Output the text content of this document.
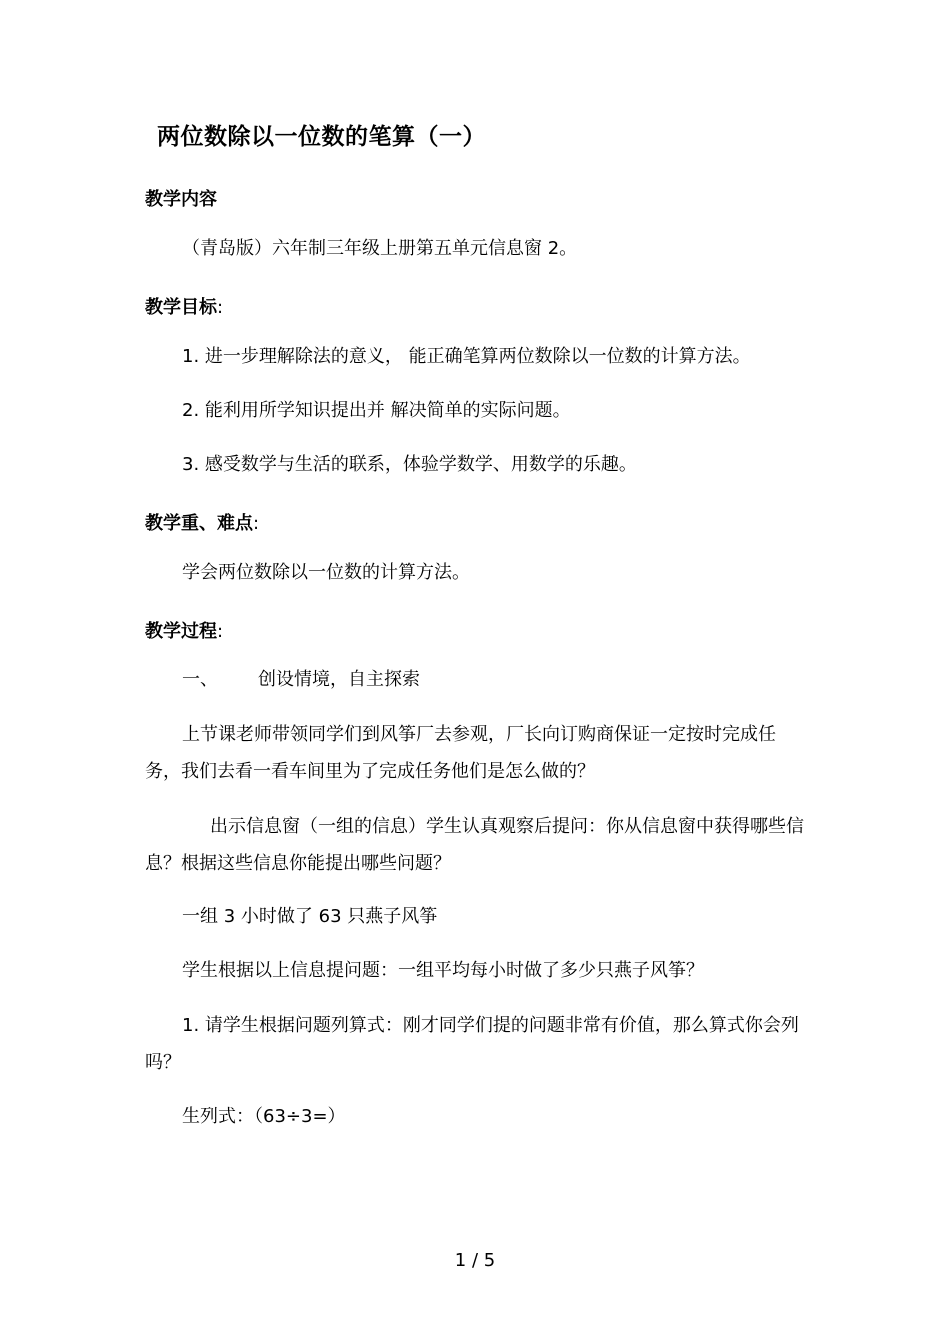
两位数除以一位数的笔算（一）
教学内容
（青岛版）六年制三年级上册第五单元信息窗 2。
教学目标:
1. 进一步理解除法的意义， 能正确笔算两位数除以一位数的计算方法。
2. 能利用所学知识提出并 解决简单的实际问题。
3. 感受数学与生活的联系，体验学数学、用数学的乐趣。
教学重、难点:
学会两位数除以一位数的计算方法。
教学过程:
一、 创设情境，自主探索
上节课老师带领同学们到风筝厂去参观，厂长向订购商保证一定按时完成任务，我们去看一看车间里为了完成任务他们是怎么做的？
出示信息窗（一组的信息）学生认真观察后提问：你从信息窗中获得哪些信息？根据这些信息你能提出哪些问题？
一组 3 小时做了 63 只燕子风筝
学生根据以上信息提问题：一组平均每小时做了多少只燕子风筝？
1. 请学生根据问题列算式：刚才同学们提的问题非常有价值，那么算式你会列吗？
生列式：（63÷3=）
1 / 5
